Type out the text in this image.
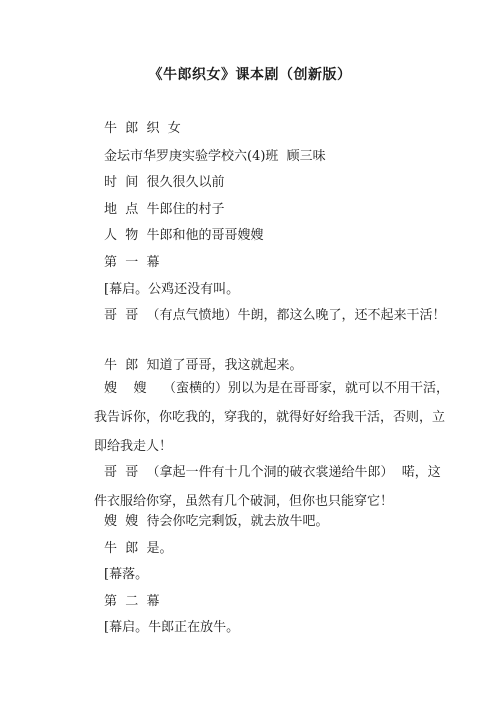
《牛郎织女》课本剧（创新版）
牛  郎  织  女
金坛市华罗庚实验学校六(4)班  顾三味
时  间  很久很久以前
地  点  牛郎住的村子
人  物  牛郎和他的哥哥嫂嫂
第  一  幕
[幕启。公鸡还没有叫。
哥  哥  （有点气愤地）牛朗，都这么晚了，还不起来干活！
牛  郎  知道了哥哥，我这就起来。
嫂    嫂    （蛮横的）别以为是在哥哥家，就可以不用干活，
我告诉你，你吃我的，穿我的，就得好好给我干活，否则，立
即给我走人！
哥  哥  （拿起一件有十几个洞的破衣裳递给牛郎）  喏，这
件衣服给你穿，虽然有几个破洞，但你也只能穿它！
嫂  嫂  待会你吃完剩饭，就去放牛吧。
牛  郎  是。
[幕落。
第  二  幕
[幕启。牛郎正在放牛。
